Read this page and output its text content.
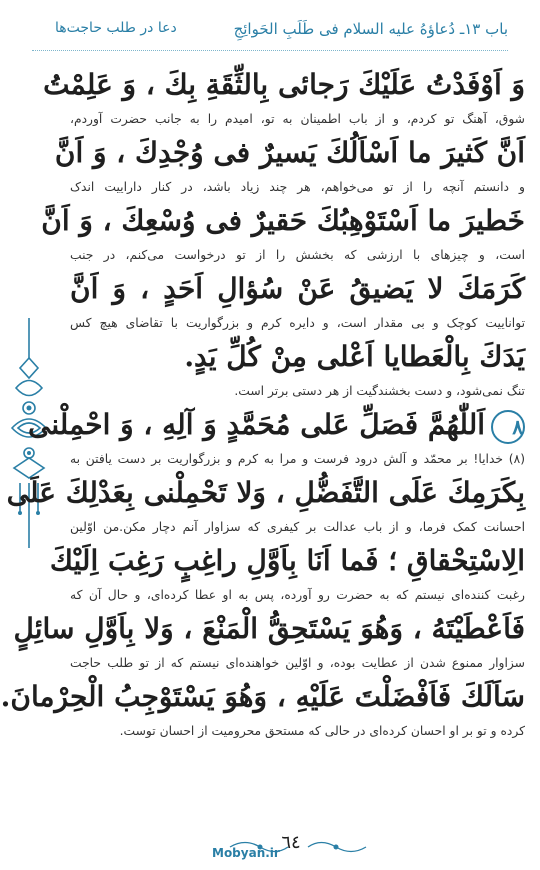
باب ۱۳ـ دُعاؤهُ علیه السلام فى طَلَبِ الحَوائِجِ
دعا در طلب حاجت‌ها
وَ اَوْفَدْتُ عَلَيْكَ رَجائى بِالثِّقَةِ بِكَ ، وَ عَلِمْتُ
شوق، آهنگ تو کردم، و از باب اطمینان به تو، امیدم را به جانب حضرت آوردم،
اَنَّ كَثيرَ ما اَسْاَلُكَ يَسيرٌ فى وُجْدِكَ ، وَ اَنَّ
و دانستم آنچه را از تو می‌خواهم، هر چند زیاد باشد، در کنار دارایيت اندک
خَطيرَ ما اَسْتَوْهِبُكَ حَقيرٌ فى وُسْعِكَ ، وَ اَنَّ
است، و چیزهای با ارزشی که بخشش را از تو درخواست می‌کنم، در جنب
كَرَمَكَ لا يَضيقُ عَنْ سُؤالِ اَحَدٍ ، وَ اَنَّ
توانایيت کوچک و بی مقدار است، و دایره کرم و بزرگواريت با تقاضای هیچ کس
يَدَكَ بِالْعَطايا اَعْلى مِنْ كُلِّ يَدٍ.
تنگ نمی‌شود، و دست بخشندگیت از هر دستی برتر است.
۸اَللّٰهُمَّ فَصَلِّ عَلى مُحَمَّدٍ وَ آلِهِ ، وَ احْمِلْنى
(۸) خدایا! بر محمّد و آلش درود فرست و مرا به کرم و بزرگواريت بر دست یافتن به
بِكَرَمِكَ عَلَى التَّفَضُّلِ ، وَلا تَحْمِلْنى بِعَدْلِكَ عَلَى
احسانت کمک فرما، و از باب عدالت بر کیفری که سزاوار آنم دچار مکن.من اوّلین
الِاسْتِحْقاقِ ؛ فَما اَنَا بِاَوَّلِ راغِبٍ رَغِبَ اِلَيْكَ
رغبت کننده‌ای نیستم که به حضرت رو آورده، پس به او عطا کرده‌ای، و حال آن که
فَاَعْطَيْتَهُ ، وَهُوَ يَسْتَحِقُّ الْمَنْعَ ، وَلا بِاَوَّلِ سائِلٍ
سزاوار ممنوع شدن از عطايت بوده، و اوّلین خواهنده‌ای نیستم که از تو طلب حاجت
سَاَلَكَ فَاَفْضَلْتَ عَلَيْهِ ، وَهُوَ يَسْتَوْجِبُ الْحِرْمانَ.
کرده و تو بر او احسان کرده‌ای در حالی که مستحق محرومیت از احسان توست.
٦٤
Mobyan.ir
